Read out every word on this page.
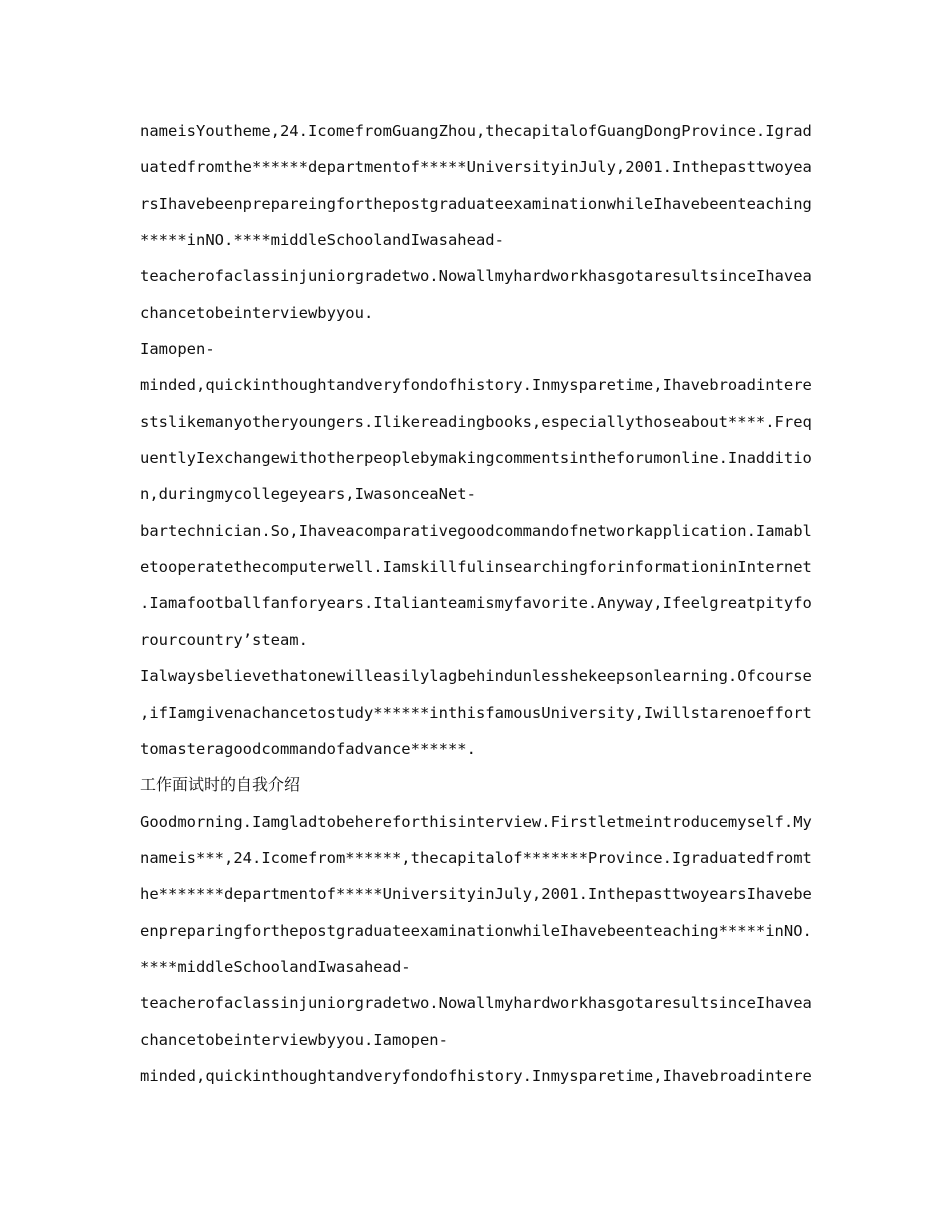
nameisYoutheme,24.IcomefromGuangZhou,thecapitalofGuangDongProvince.Igrad
uatedfromthe******departmentof*****UniversityinJuly,2001.Inthepasttwoyea
rsIhavebeenprepareingforthepostgraduateexaminationwhileIhavebeenteaching
*****inNO.****middleSchoolandIwasahead-
teacherofaclassinjuniorgradetwo.NowallmyhardworkhasgotaresultsinceIhavea
chancetobeinterviewbyyou.
Iamopen-
minded,quickinthoughtandveryfondofhistory.Inmysparetime,Ihavebroadintere
stslikemanyotheryoungers.Ilikereadingbooks,especiallythoseabout****.Freq
uentlyIexchangewithotherpeoplebymakingcommentsintheforumonline.Inadditio
n,duringmycollegeyears,IwasonceaNet-
bartechnician.So,Ihaveacomparativegoodcommandofnetworkapplication.Iamabl
etooperatethecomputerwell.IamskillfulinsearchingforinformationinInternet
.Iamafootballfanforyears.Italianteamismyfavorite.Anyway,Ifeelgreatpityfo
rourcountry’steam.
Ialwaysbelievethatonewilleasilylagbehindunlesshekeepsonlearning.Ofcourse
,ifIamgivenachancetostudy******inthisfamousUniversity,Iwillstarenoeffort
tomasteragoodcommandofadvance******.
工作面试时的自我介绍
Goodmorning.Iamgladtobehereforthisinterview.Firstletmeintroducemyself.My
nameis***,24.Icomefrom******,thecapitalof*******Province.Igraduatedfromt
he*******departmentof*****UniversityinJuly,2001.InthepasttwoyearsIhavebe
enpreparingforthepostgraduateexaminationwhileIhavebeenteaching*****inNO.
****middleSchoolandIwasahead-
teacherofaclassinjuniorgradetwo.NowallmyhardworkhasgotaresultsinceIhavea
chancetobeinterviewbyyou.Iamopen-
minded,quickinthoughtandveryfondofhistory.Inmysparetime,Ihavebroadintere
